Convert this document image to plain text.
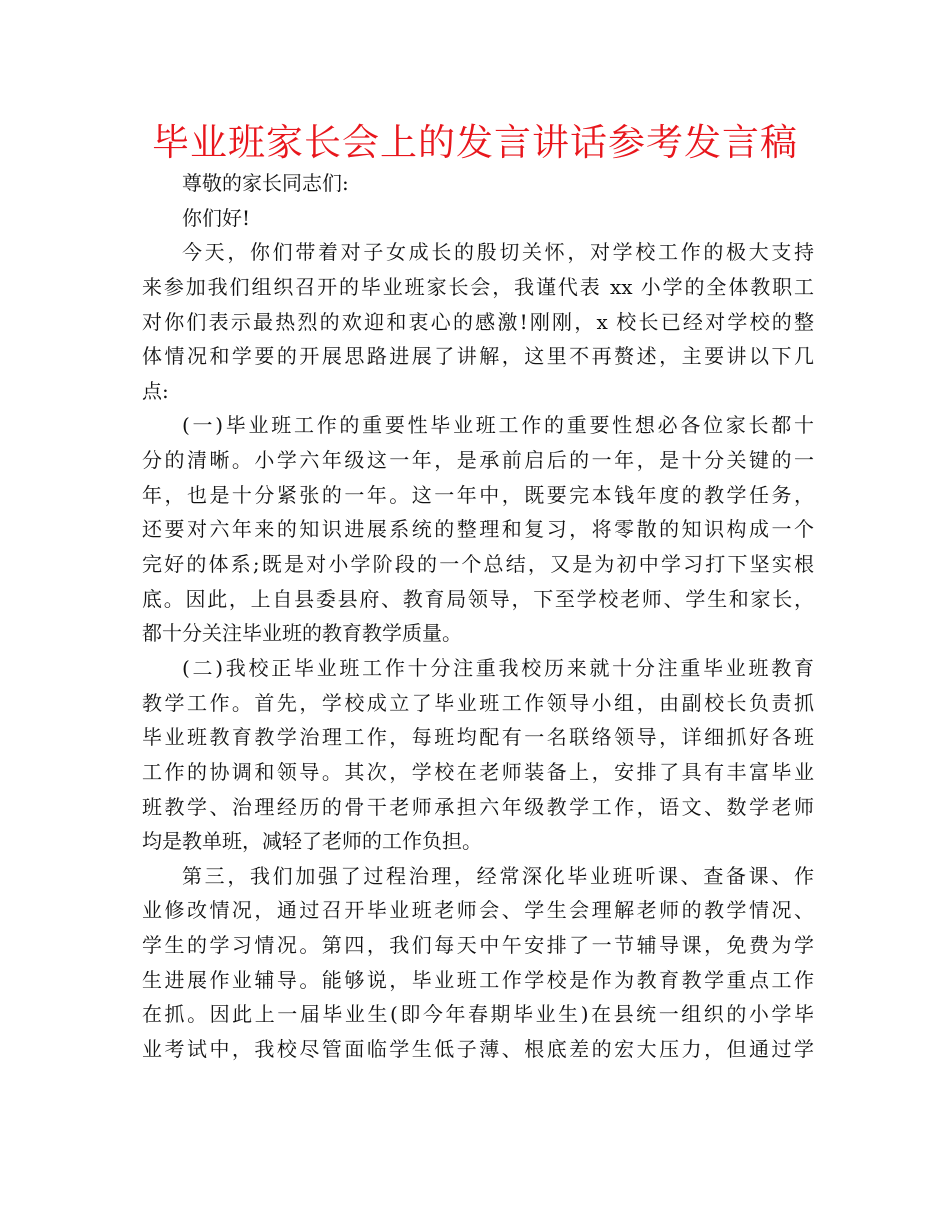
毕业班家长会上的发言讲话参考发言稿
尊敬的家长同志们:
你们好!
今天，你们带着对子女成长的殷切关怀，对学校工作的极大支持
来参加我们组织召开的毕业班家长会，我谨代表 xx 小学的全体教职工
对你们表示最热烈的欢迎和衷心的感激!刚刚，x 校长已经对学校的整
体情况和学要的开展思路进展了讲解，这里不再赘述，主要讲以下几
点:
(一)毕业班工作的重要性毕业班工作的重要性想必各位家长都十
分的清晰。小学六年级这一年，是承前启后的一年，是十分关键的一
年，也是十分紧张的一年。这一年中，既要完本钱年度的教学任务，
还要对六年来的知识进展系统的整理和复习，将零散的知识构成一个
完好的体系;既是对小学阶段的一个总结，又是为初中学习打下坚实根
底。因此，上自县委县府、教育局领导，下至学校老师、学生和家长，
都十分关注毕业班的教育教学质量。
(二)我校正毕业班工作十分注重我校历来就十分注重毕业班教育
教学工作。首先，学校成立了毕业班工作领导小组，由副校长负责抓
毕业班教育教学治理工作，每班均配有一名联络领导，详细抓好各班
工作的协调和领导。其次，学校在老师装备上，安排了具有丰富毕业
班教学、治理经历的骨干老师承担六年级教学工作，语文、数学老师
均是教单班，减轻了老师的工作负担。
第三，我们加强了过程治理，经常深化毕业班听课、查备课、作
业修改情况，通过召开毕业班老师会、学生会理解老师的教学情况、
学生的学习情况。第四，我们每天中午安排了一节辅导课，免费为学
生进展作业辅导。能够说，毕业班工作学校是作为教育教学重点工作
在抓。因此上一届毕业生(即今年春期毕业生)在县统一组织的小学毕
业考试中，我校尽管面临学生低子薄、根底差的宏大压力，但通过学
